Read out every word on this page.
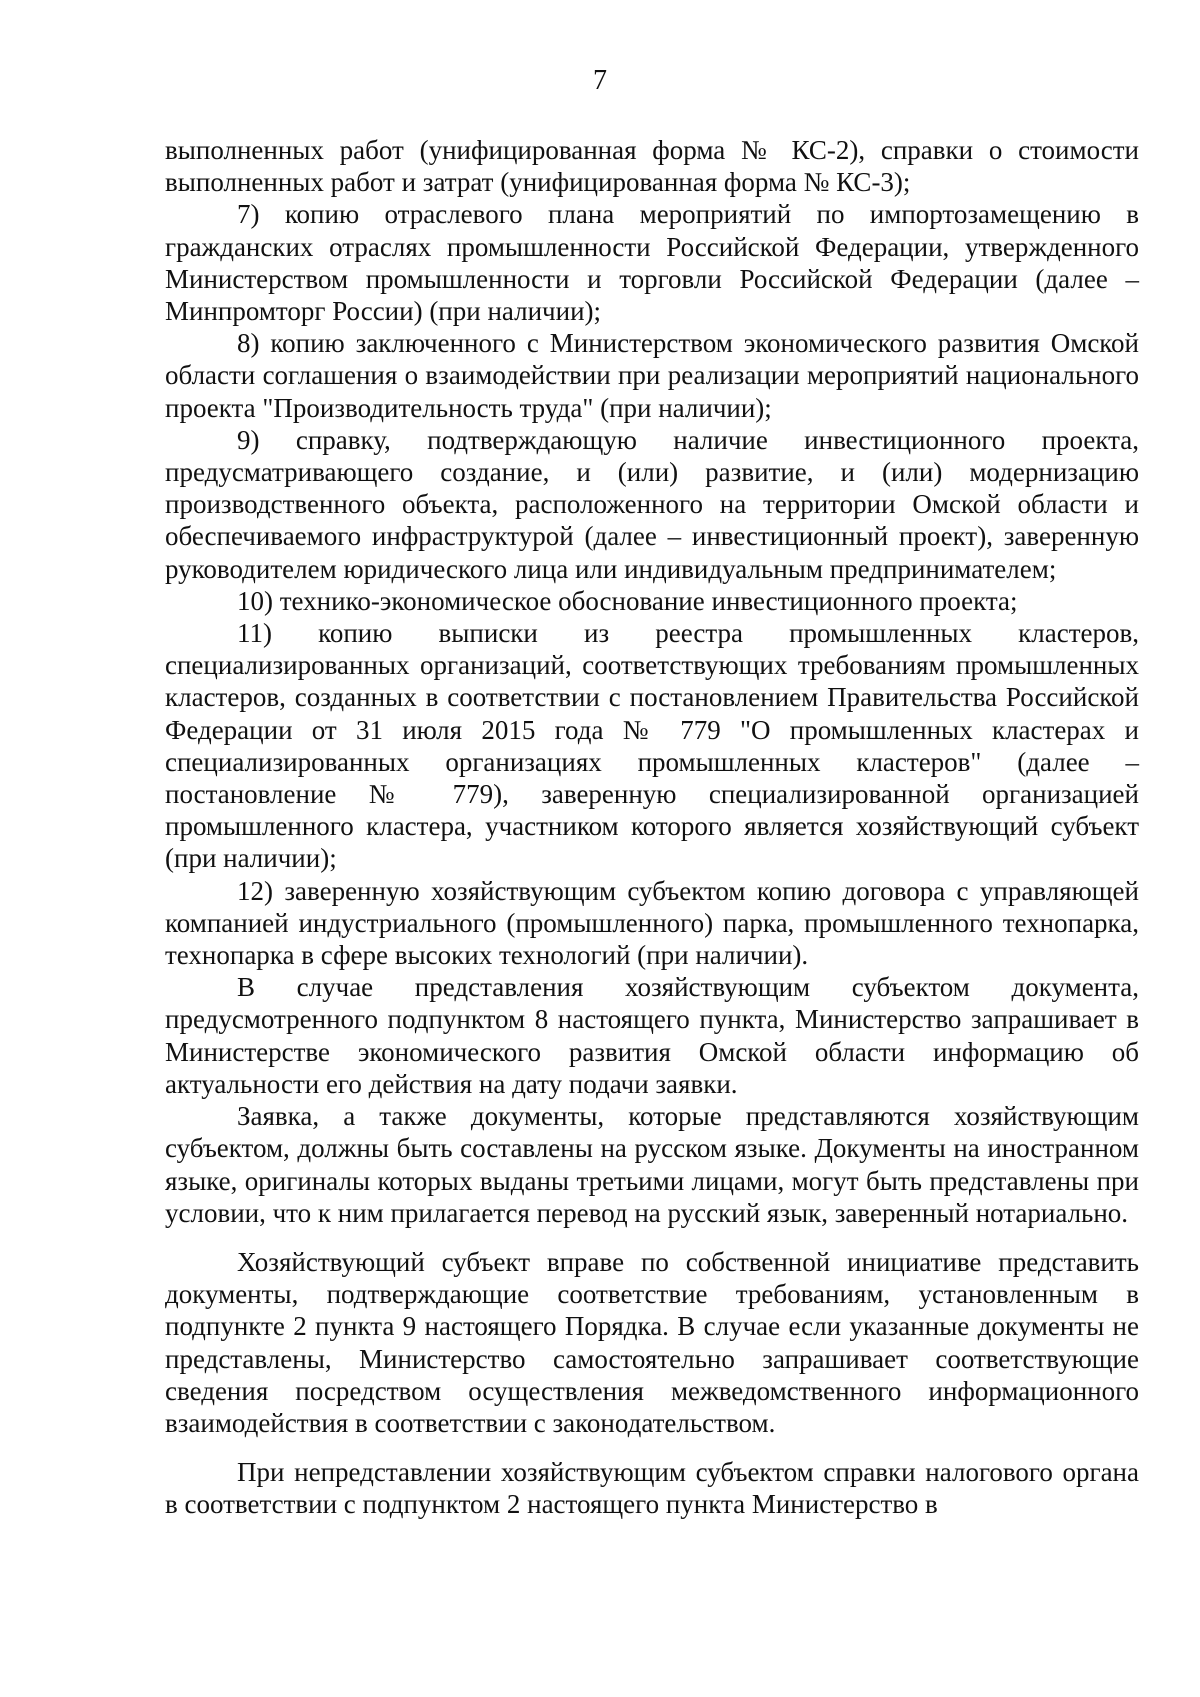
7

выполненных работ (унифицированная форма № КС-2), справки о стоимости выполненных работ и затрат (унифицированная форма № КС-3);

7) копию отраслевого плана мероприятий по импортозамещению в гражданских отраслях промышленности Российской Федерации, утвержденного Министерством промышленности и торговли Российской Федерации (далее – Минпромторг России) (при наличии);

8) копию заключенного с Министерством экономического развития Омской области соглашения о взаимодействии при реализации мероприятий национального проекта "Производительность труда" (при наличии);

9) справку, подтверждающую наличие инвестиционного проекта, предусматривающего создание, и (или) развитие, и (или) модернизацию производственного объекта, расположенного на территории Омской области и обеспечиваемого инфраструктурой (далее – инвестиционный проект), заверенную руководителем юридического лица или индивидуальным предпринимателем;

10) технико-экономическое обоснование инвестиционного проекта;

11) копию выписки из реестра промышленных кластеров, специализированных организаций, соответствующих требованиям промышленных кластеров, созданных в соответствии с постановлением Правительства Российской Федерации от 31 июля 2015 года № 779 "О промышленных кластерах и специализированных организациях промышленных кластеров" (далее – постановление № 779), заверенную специализированной организацией промышленного кластера, участником которого является хозяйствующий субъект (при наличии);

12) заверенную хозяйствующим субъектом копию договора с управляющей компанией индустриального (промышленного) парка, промышленного технопарка, технопарка в сфере высоких технологий (при наличии).

В случае представления хозяйствующим субъектом документа, предусмотренного подпунктом 8 настоящего пункта, Министерство запрашивает в Министерстве экономического развития Омской области информацию об актуальности его действия на дату подачи заявки.

Заявка, а также документы, которые представляются хозяйствующим субъектом, должны быть составлены на русском языке. Документы на иностранном языке, оригиналы которых выданы третьими лицами, могут быть представлены при условии, что к ним прилагается перевод на русский язык, заверенный нотариально.

Хозяйствующий субъект вправе по собственной инициативе представить документы, подтверждающие соответствие требованиям, установленным в подпункте 2 пункта 9 настоящего Порядка. В случае если указанные документы не представлены, Министерство самостоятельно запрашивает соответствующие сведения посредством осуществления межведомственного информационного взаимодействия в соответствии с законодательством.

При непредставлении хозяйствующим субъектом справки налогового органа в соответствии с подпунктом 2 настоящего пункта Министерство в
